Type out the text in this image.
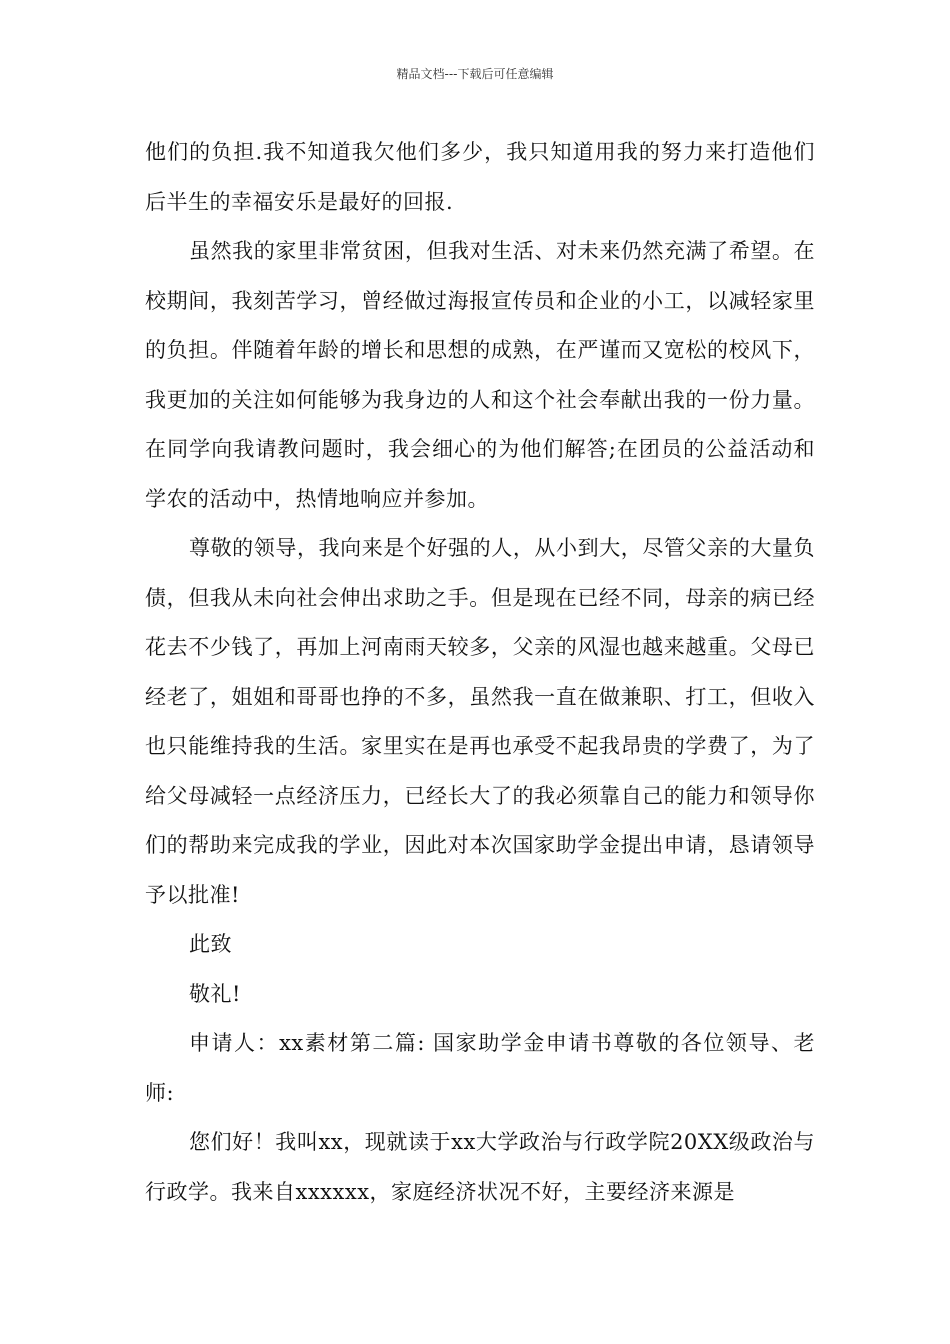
精品文档---下载后可任意编辑

他们的负担.我不知道我欠他们多少，我只知道用我的努力来打造他们后半生的幸福安乐是最好的回报.

虽然我的家里非常贫困，但我对生活、对未来仍然充满了希望。在校期间，我刻苦学习，曾经做过海报宣传员和企业的小工，以减轻家里的负担。伴随着年龄的增长和思想的成熟，在严谨而又宽松的校风下，我更加的关注如何能够为我身边的人和这个社会奉献出我的一份力量。在同学向我请教问题时，我会细心的为他们解答;在团员的公益活动和学农的活动中，热情地响应并参加。

尊敬的领导，我向来是个好强的人，从小到大，尽管父亲的大量负债，但我从未向社会伸出求助之手。但是现在已经不同，母亲的病已经花去不少钱了，再加上河南雨天较多，父亲的风湿也越来越重。父母已经老了，姐姐和哥哥也挣的不多，虽然我一直在做兼职、打工，但收入也只能维持我的生活。家里实在是再也承受不起我昂贵的学费了，为了给父母减轻一点经济压力，已经长大了的我必须靠自己的能力和领导你们的帮助来完成我的学业，因此对本次国家助学金提出申请，恳请领导予以批准!

此致

敬礼!

申请人：xx素材第二篇: 国家助学金申请书尊敬的各位领导、老师:

您们好！我叫xx，现就读于xx大学政治与行政学院20XX级政治与行政学。我来自xxxxxx，家庭经济状况不好，主要经济来源是
